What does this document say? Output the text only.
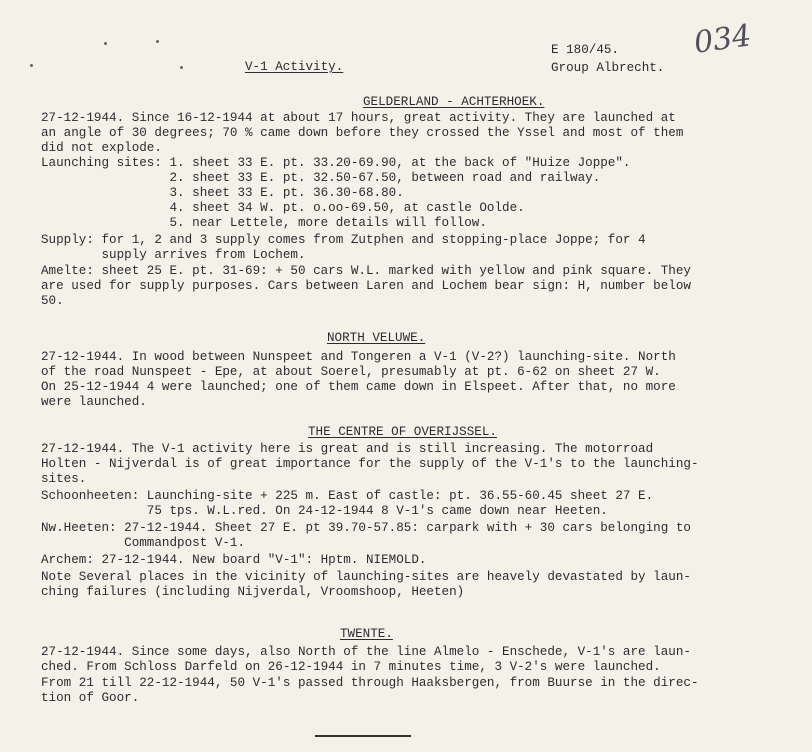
V-1 Activity.
E 180/45.
Group Albrecht.
034
GELDERLAND - ACHTERHOEK.
27-12-1944. Since 16-12-1944 at about 17 hours, great activity. They are launched at
an angle of 30 degrees; 70 % came down before they crossed the Yssel and most of them
did not explode.
Launching sites: 1. sheet 33 E. pt. 33.20-69.90, at the back of "Huize Joppe".
2. sheet 33 E. pt. 32.50-67.50, between road and railway.
3. sheet 33 E. pt. 36.30-68.80.
4. sheet 34 W. pt. o.oo-69.50, at castle Oolde.
5. near Lettele, more details will follow.
Supply: for 1, 2 and 3 supply comes from Zutphen and stopping-place Joppe; for 4
supply arrives from Lochem.
Amelte: sheet 25 E. pt. 31-69: + 50 cars W.L. marked with yellow and pink square. They
are used for supply purposes. Cars between Laren and Lochem bear sign: H, number below
50.
NORTH VELUWE.
27-12-1944. In wood between Nunspeet and Tongeren a V-1 (V-2?) launching-site. North
of the road Nunspeet - Epe, at about Soerel, presumably at pt. 6-62 on sheet 27 W.
On 25-12-1944 4 were launched; one of them came down in Elspeet. After that, no more
were launched.
THE CENTRE OF OVERIJSSEL.
27-12-1944. The V-1 activity here is great and is still increasing. The motorroad
Holten - Nijverdal is of great importance for the supply of the V-1's to the launching-
sites.
Schoonheeten: Launching-site + 225 m. East of castle: pt. 36.55-60.45 sheet 27 E.
75 tps. W.L.red. On 24-12-1944 8 V-1's came down near Heeten.
Nw.Heeten: 27-12-1944. Sheet 27 E. pt 39.70-57.85: carpark with + 30 cars belonging to
Commandpost V-1.
Archem: 27-12-1944. New board "V-1": Hptm. NIEMOLD.
Note Several places in the vicinity of launching-sites are heavely devastated by laun-
ching failures (including Nijverdal, Vroomshoop, Heeten)
TWENTE.
27-12-1944. Since some days, also North of the line Almelo - Enschede, V-1's are laun-
ched. From Schloss Darfeld on 26-12-1944 in 7 minutes time, 3 V-2's were launched.
From 21 till 22-12-1944, 50 V-1's passed through Haaksbergen, from Buurse in the direc-
tion of Goor.
